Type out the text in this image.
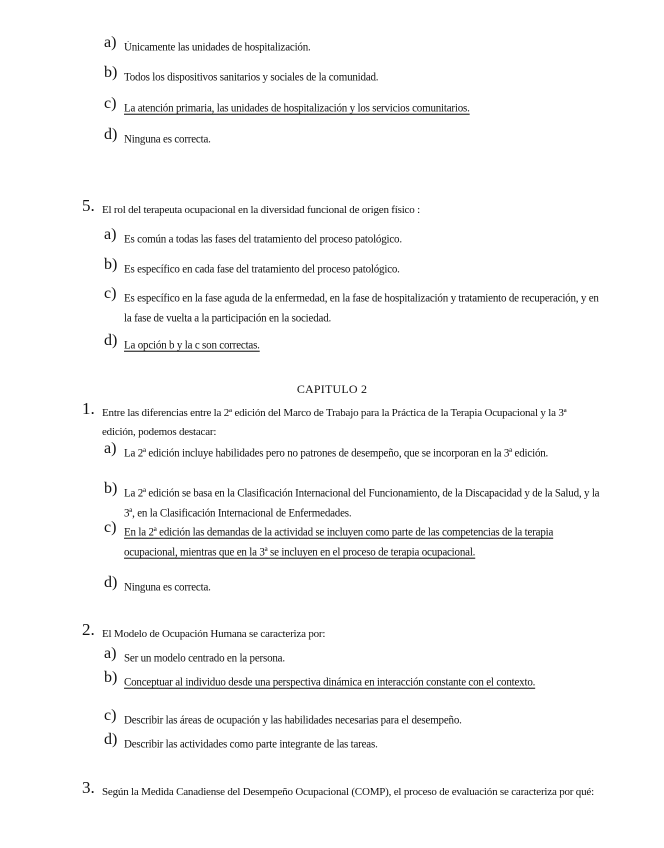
a) Únicamente las unidades de hospitalización.
b) Todos los dispositivos sanitarios y sociales de la comunidad.
c) La atención primaria, las unidades de hospitalización y los servicios comunitarios.
d) Ninguna es correcta.
5. El rol del terapeuta ocupacional en la diversidad funcional de origen físico :
a) Es común a todas las fases del tratamiento del proceso patológico.
b) Es específico en cada fase del tratamiento del proceso patológico.
c) Es específico en la fase aguda de la enfermedad, en la fase de hospitalización y tratamiento de recuperación, y en la fase de vuelta a la participación en la sociedad.
d) La opción b y la c son correctas.
CAPITULO 2
1. Entre las diferencias entre la 2ª edición del Marco de Trabajo para la Práctica de la Terapia Ocupacional y la 3ª edición, podemos destacar:
a) La 2ª edición incluye habilidades pero no patrones de desempeño, que se incorporan en la 3ª edición.
b) La 2ª edición se basa en la Clasificación Internacional del Funcionamiento, de la Discapacidad y de la Salud, y la 3ª, en la Clasificación Internacional de Enfermedades.
c) En la 2ª edición las demandas de la actividad se incluyen como parte de las competencias de la terapia ocupacional, mientras que en la 3ª se incluyen en el proceso de terapia ocupacional.
d) Ninguna es correcta.
2. El Modelo de Ocupación Humana se caracteriza por:
a) Ser un modelo centrado en la persona.
b) Conceptuar al individuo desde una perspectiva dinámica en interacción constante con el contexto.
c) Describir las áreas de ocupación y las habilidades necesarias para el desempeño.
d) Describir las actividades como parte integrante de las tareas.
3. Según la Medida Canadiense del Desempeño Ocupacional (COMP), el proceso de evaluación se caracteriza por qué:
